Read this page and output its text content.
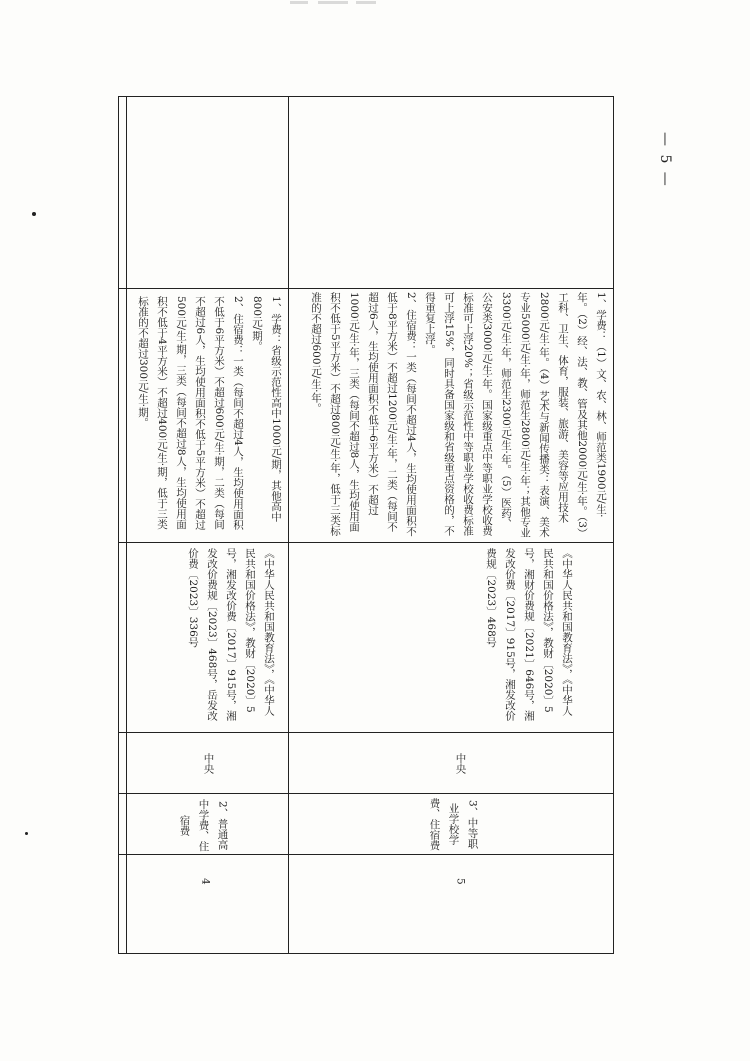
— 5 —
1、学费：省级示范性高中1000元/期，其他高中800元/期。
2、住宿费：一类（每间不超过4人，生均使用面积不低于6平方米）不超过600元/生·期，二类（每间不超过6人，生均使用面积不低于5平方米）不超过500元/生·期，三类（每间不超过8人，生均使用面积不低于4平方米）不超过400元/生·期，低于三类标准的不超过300元/生·期。
《中华人民共和国教育法》，《中华人民共和国价格法》，教财〔2020〕5号，湘发改价费〔2017〕915号，湘发改价费规〔2023〕468号，岳发改价费〔2023〕336号
中央
2、普通高中学费、住宿费
4
1、学费：（1）文、农、林、师范类1900元/生·年。（2）经、法、教、管及其他2000元/生·年。（3）工科、卫生、体育，服装、旅游、美容等应用技术2800元/生·年。（4）艺术与新闻传播类：表演、美术专业5000元/生·年，师范生2800元/生·年；其他专业3300元/生·年，师范生2300元/生·年。（5）医药、公安类3000元/生·年。国家级重点中等职业学校收费标准可上浮20%；省级示范性中等职业学校收费标准可上浮15%，同时具备国家级和省级重点资格的，不得重复上浮。
2、住宿费：一类（每间不超过4人，生均使用面积不低于8平方米）不超过1200元/生·年，二类（每间不超过6人，生均使用面积不低于6平方米）不超过1000元/生·年，三类（每间不超过8人，生均使用面积不低于5平方米）不超过800元/生·年，低于三类标准的不超过600元/生·年。
《中华人民共和国教育法》，《中华人民共和国价格法》，教财〔2020〕5号，湘财价费规〔2021〕646号，湘发改价费〔2017〕915号，湘发改价费规〔2023〕468号
中央
3、中等职业学校学费、住宿费
5
